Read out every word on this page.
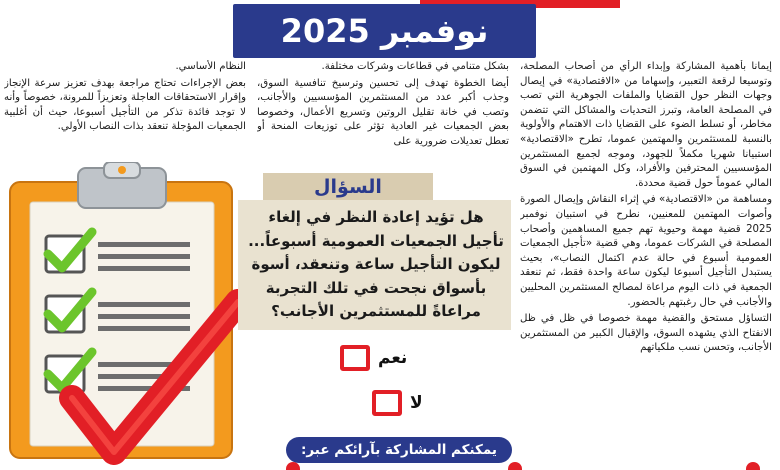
نوفمبر 2025

إيمانا بأهمية المشاركة وإبداء الرأي من أصحاب المصلحة، وتوسيعا لرقعة التعبير، وإسهاما من «الاقتصادية» في إيصال وجهات النظر حول القضايا والملفات الجوهرية التي تصب في المصلحة العامة، وتبرز التحديات والمشاكل التي تتضمن مخاطر، أو تسلط الضوء على القضايا ذات الاهتمام والأولوية بالنسبة للمستثمرين والمهتمين عموما، تطرح «الاقتصادية» استبيانا شهريا مكملاً للجهود، وموجه لجميع المستثمرين المؤسسيين المحترفين والأفراد، وكل المهتمين في السوق المالي عموماً حول قضية محددة.

ومساهمة من «الاقتصادية» في إثراء النقاش وإيصال الصورة وأصوات المهتمين للمعنيين، نطرح في استبيان نوفمبر 2025 قضية مهمة وحيوية تهم جميع المساهمين وأصحاب المصلحة في الشركات عموما، وهي قضية «تأجيل الجمعيات العمومية أسبوع في حالة عدم اكتمال النصاب»، بحيث يستبدل التأجيل أسبوعا ليكون ساعة واحدة فقط، ثم تنعقد الجمعية في ذات اليوم مراعاة لمصالح المستثمرين المحليين والأجانب في حال رغبتهم بالحضور.

التساؤل مستحق والقضية مهمة خصوصا في ظل في ظل الانفتاح الذي يشهده السوق، والإقبال الكبير من المستثمرين الأجانب، وتحسن نسب ملكياتهم

بشكل متنامي في قطاعات وشركات مختلفة.

أيضا الخطوة تهدف إلى تحسين وترسيخ تنافسية السوق، وجذب أكبر عدد من المستثمرين المؤسسيين والأجانب، وتصب في خانة تقليل الروتين وتسريع الأعمال، وخصوصا بعض الجمعيات غير العادية تؤثر على توزيعات المنحة أو تعطل تعديلات ضرورية على

النظام الأساسي.

بعض الإجراءات تحتاج مراجعة بهدف تعزيز سرعة الإنجاز وإقرار الاستحقاقات العاجلة وتعزيزاً للمرونة، خصوصاً وأنه لا توجد فائدة تذكر من التأجيل أسبوعا، حيث أن أغلبية الجمعيات المؤجلة تنعقد بذات النصاب الأولي.

السؤال
هل تؤيد إعادة النظر في إلغاء تأجيل الجمعيات العمومية أسبوعاً... ليكون التأجيل ساعة وتنعقد، أسوة بأسواق نجحت في تلك التجربة مراعاةً للمستثمرين الأجانب؟
نعم
لا
يمكنكم المشاركة بآرائكم عبر:
